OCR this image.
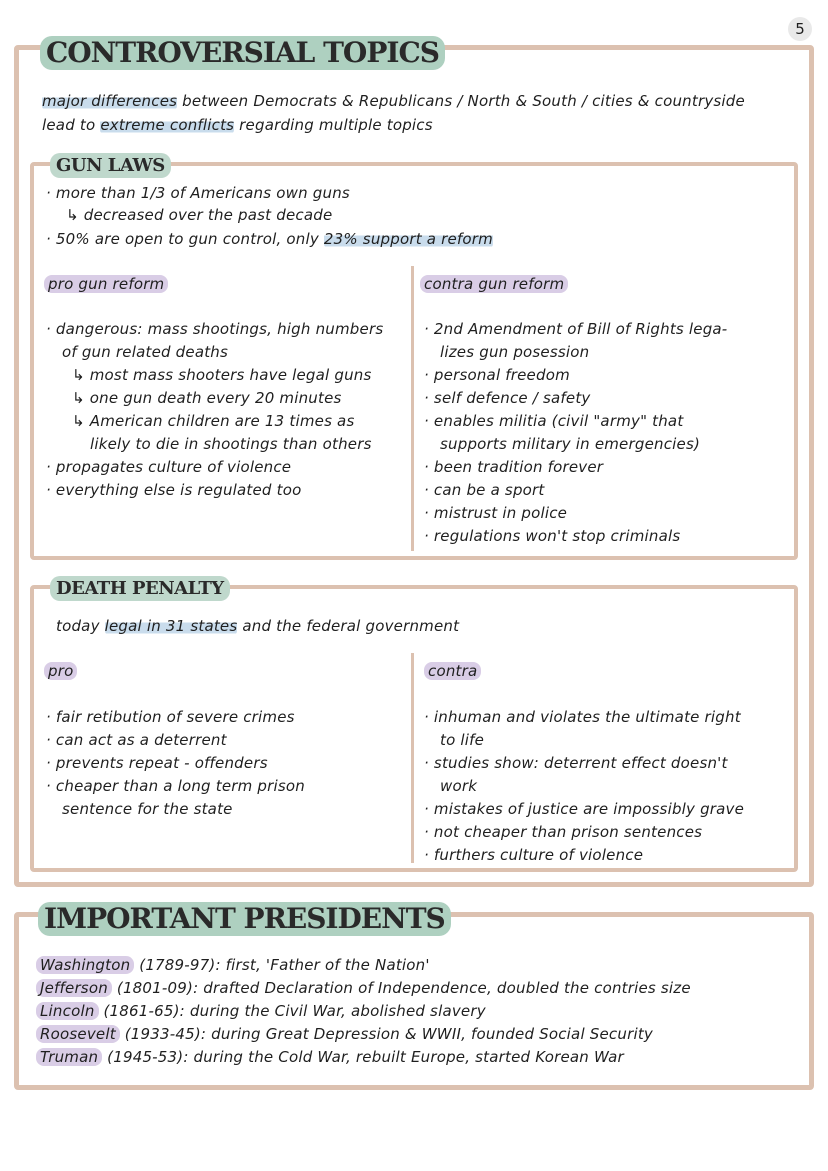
5
CONTROVERSIAL TOPICS
major differences between Democrats & Republicans / North & South / cities & countryside
lead to extreme conflicts regarding multiple topics
GUN LAWS
· more than 1/3 of Americans own guns
↳ decreased over the past decade
· 50% are open to gun control, only 23% support a reform
pro gun reform	contra gun reform
· dangerous: mass shootings, high numbers
of gun related deaths
↳ most mass shooters have legal guns
↳ one gun death every 20 minutes
↳ American children are 13 times as
likely to die in shootings than others
· propagates culture of violence
· everything else is regulated too
· 2nd Amendment of Bill of Rights lega-
lizes gun posession
· personal freedom
· self defence / safety
· enables militia (civil "army" that
supports military in emergencies)
· been tradition forever
· can be a sport
· mistrust in police
· regulations won't stop criminals
DEATH PENALTY
today legal in 31 states and the federal government
pro	contra
· fair retibution of severe crimes
· can act as a deterrent
· prevents repeat - offenders
· cheaper than a long term prison
sentence for the state
· inhuman and violates the ultimate right
to life
· studies show: deterrent effect doesn't
work
· mistakes of justice are impossibly grave
· not cheaper than prison sentences
· furthers culture of violence
IMPORTANT PRESIDENTS
Washington (1789-97): first, 'Father of the Nation'
Jefferson (1801-09): drafted Declaration of Independence, doubled the contries size
Lincoln (1861-65): during the Civil War, abolished slavery
Roosevelt (1933-45): during Great Depression & WWII, founded Social Security
Truman (1945-53): during the Cold War, rebuilt Europe, started Korean War
